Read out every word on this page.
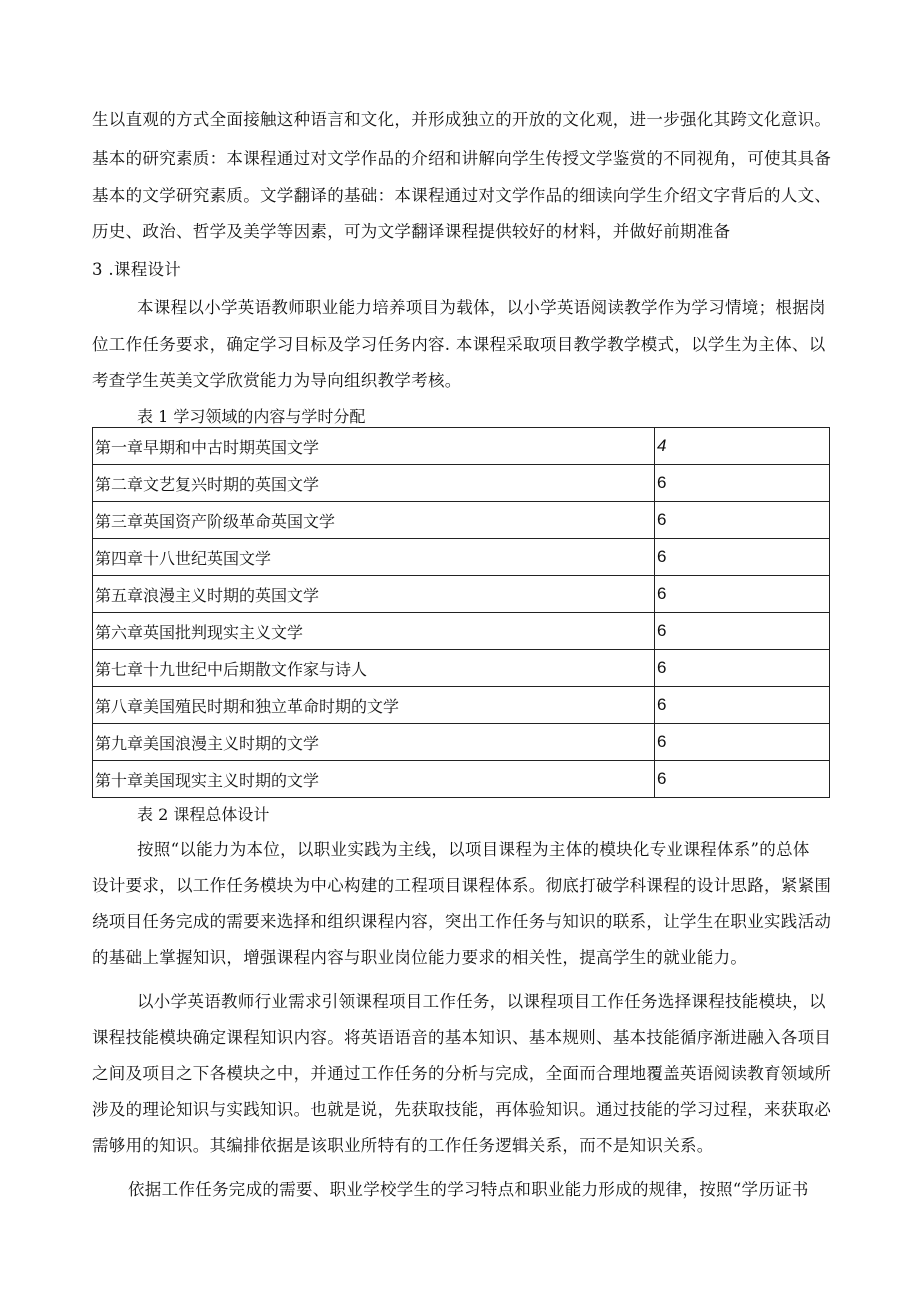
生以直观的方式全面接触这种语言和文化，并形成独立的开放的文化观，进一步强化其跨文化意识。
基本的研究素质：本课程通过对文学作品的介绍和讲解向学生传授文学鉴赏的不同视角，可使其具备
基本的文学研究素质。文学翻译的基础：本课程通过对文学作品的细读向学生介绍文字背后的人文、
历史、政治、哲学及美学等因素，可为文学翻译课程提供较好的材料，并做好前期准备
3 .课程设计
本课程以小学英语教师职业能力培养项目为载体，以小学英语阅读教学作为学习情境；根据岗
位工作任务要求，确定学习目标及学习任务内容. 本课程采取项目教学教学模式，以学生为主体、以
考查学生英美文学欣赏能力为导向组织教学考核。
表 1 学习领域的内容与学时分配
第一章早期和中古时期英国文学	4
第二章文艺复兴时期的英国文学	6
第三章英国资产阶级革命英国文学	6
第四章十八世纪英国文学	6
第五章浪漫主义时期的英国文学	6
第六章英国批判现实主义文学	6
第七章十九世纪中后期散文作家与诗人	6
第八章美国殖民时期和独立革命时期的文学	6
第九章美国浪漫主义时期的文学	6
第十章美国现实主义时期的文学	6
表 2 课程总体设计
按照“以能力为本位，以职业实践为主线，以项目课程为主体的模块化专业课程体系”的总体
设计要求，以工作任务模块为中心构建的工程项目课程体系。彻底打破学科课程的设计思路，紧紧围
绕项目任务完成的需要来选择和组织课程内容，突出工作任务与知识的联系，让学生在职业实践活动
的基础上掌握知识，增强课程内容与职业岗位能力要求的相关性，提高学生的就业能力。
以小学英语教师行业需求引领课程项目工作任务，以课程项目工作任务选择课程技能模块，以
课程技能模块确定课程知识内容。将英语语音的基本知识、基本规则、基本技能循序渐进融入各项目
之间及项目之下各模块之中，并通过工作任务的分析与完成，全面而合理地覆盖英语阅读教育领域所
涉及的理论知识与实践知识。也就是说，先获取技能，再体验知识。通过技能的学习过程，来获取必
需够用的知识。其编排依据是该职业所特有的工作任务逻辑关系，而不是知识关系。
依据工作任务完成的需要、职业学校学生的学习特点和职业能力形成的规律，按照“学历证书
